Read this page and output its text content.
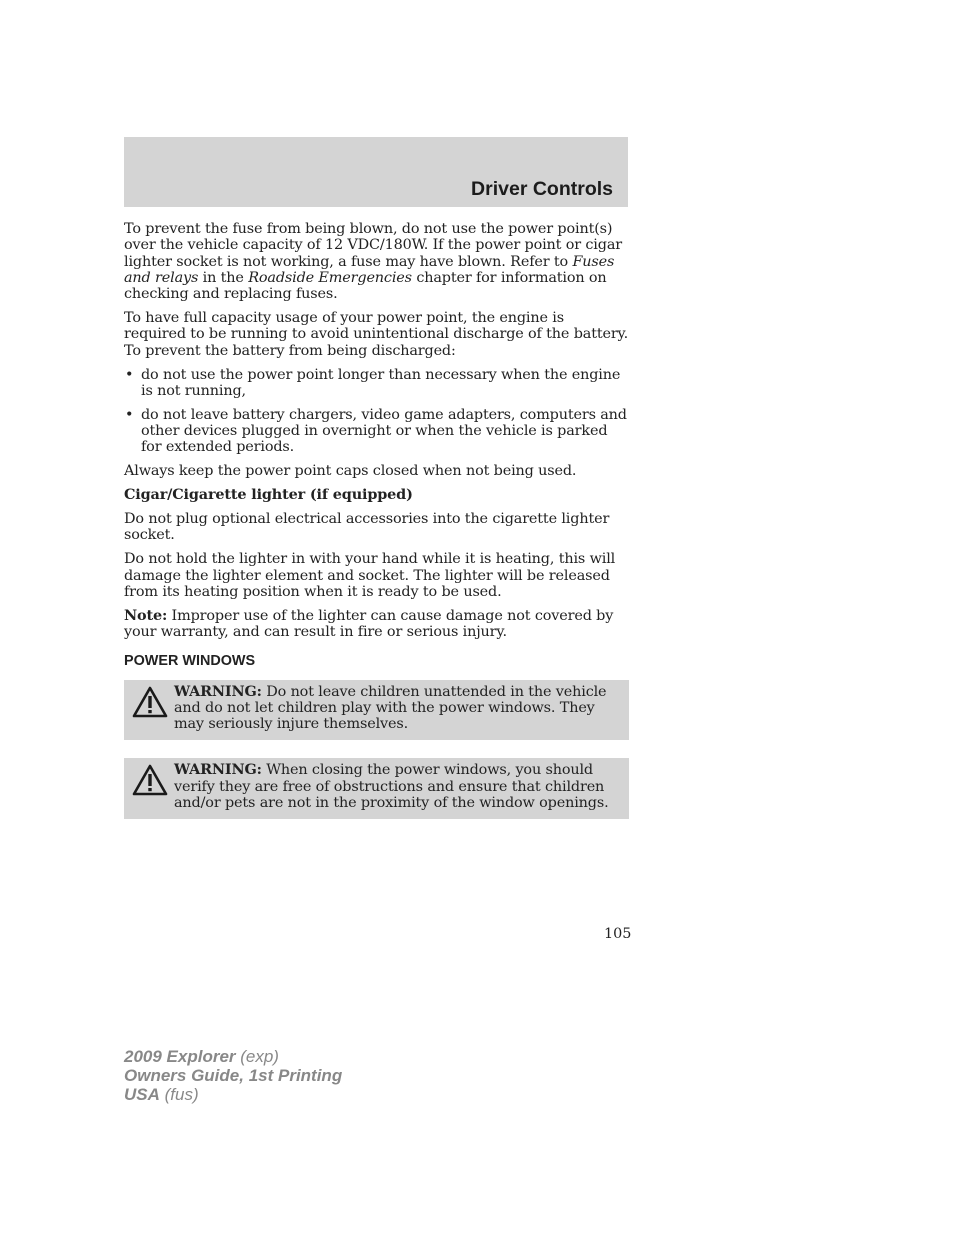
Driver Controls

To prevent the fuse from being blown, do not use the power point(s) over the vehicle capacity of 12 VDC/180W. If the power point or cigar lighter socket is not working, a fuse may have blown. Refer to Fuses and relays in the Roadside Emergencies chapter for information on checking and replacing fuses.

To have full capacity usage of your power point, the engine is required to be running to avoid unintentional discharge of the battery. To prevent the battery from being discharged:

• do not use the power point longer than necessary when the engine is not running,
• do not leave battery chargers, video game adapters, computers and other devices plugged in overnight or when the vehicle is parked for extended periods.

Always keep the power point caps closed when not being used.

Cigar/Cigarette lighter (if equipped)

Do not plug optional electrical accessories into the cigarette lighter socket.

Do not hold the lighter in with your hand while it is heating, this will damage the lighter element and socket. The lighter will be released from its heating position when it is ready to be used.

Note: Improper use of the lighter can cause damage not covered by your warranty, and can result in fire or serious injury.

POWER WINDOWS
WARNING: Do not leave children unattended in the vehicle and do not let children play with the power windows. They may seriously injure themselves.
WARNING: When closing the power windows, you should verify they are free of obstructions and ensure that children and/or pets are not in the proximity of the window openings.
105
2009 Explorer (exp)
Owners Guide, 1st Printing
USA (fus)
